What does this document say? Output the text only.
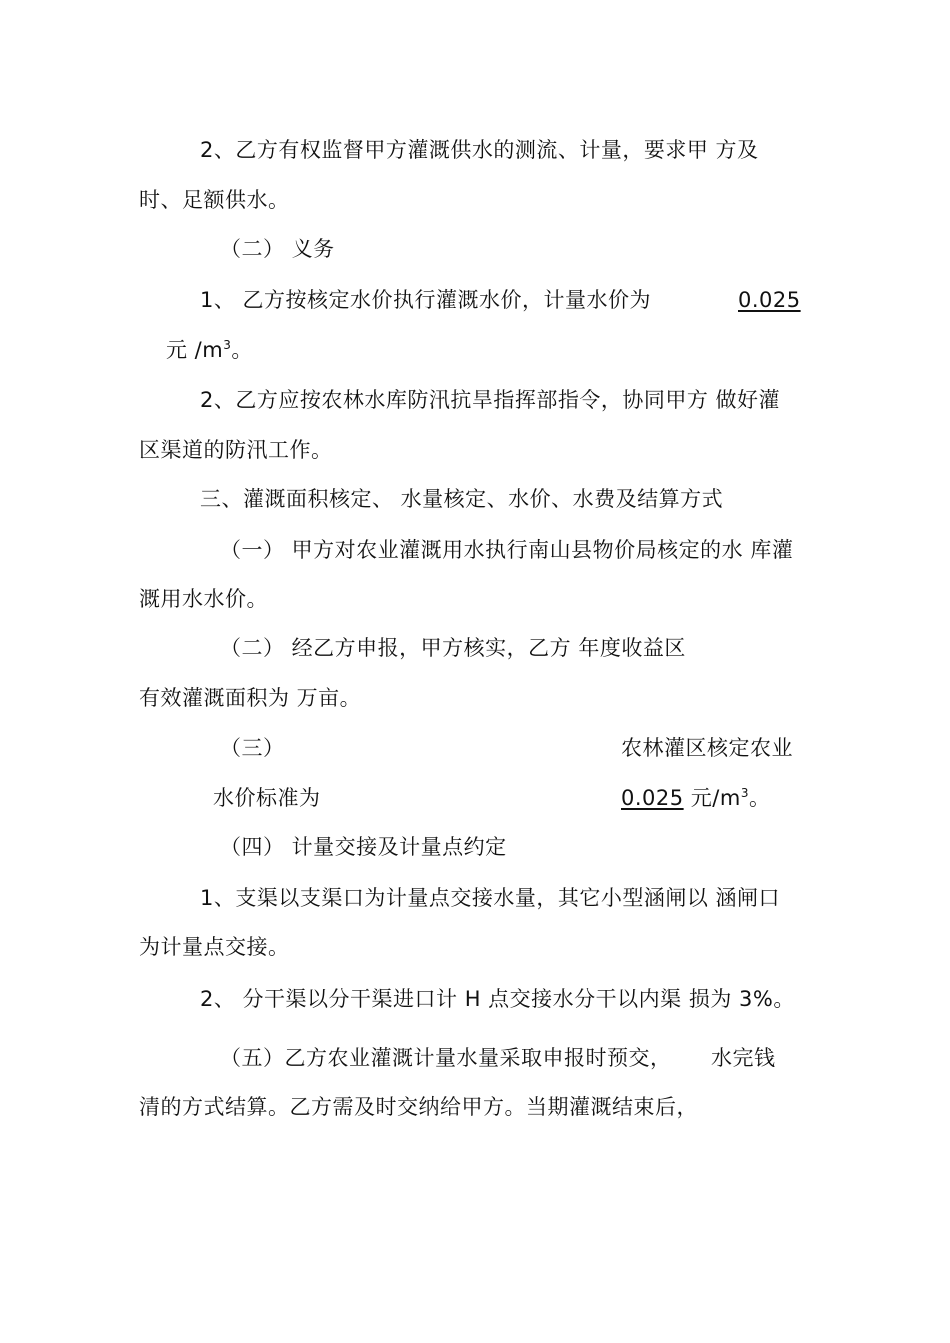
2、乙方有权监督甲方灌溉供水的测流、计量，要求甲 方及
时、足额供水。
（二） 义务
1、 乙方按核定水价执行灌溉水价，计量水价为	0.025
元 $/m^3$。
2、乙方应按农林水库防汛抗旱指挥部指令，协同甲方 做好灌
区渠道的防汛工作。
三、灌溉面积核定、 水量核定、水价、水费及结算方式
（一） 甲方对农业灌溉用水执行南山县物价局核定的水 库灌
溉用水水价。
（二） 经乙方申报，甲方核实，乙方 年度收益区
有效灌溉面积为 万亩。
（三）	农林灌区核定农业
水价标准为	0.025 元$/m^3$。
（四） 计量交接及计量点约定
1、支渠以支渠口为计量点交接水量，其它小型涵闸以 涵闸口
为计量点交接。
2、 分干渠以分干渠进口计 H 点交接水分干以内渠 损为 3%。
（五）乙方农业灌溉计量水量采取申报时预交， 水完钱
清的方式结算。乙方需及时交纳给甲方。当期灌溉结束后，
